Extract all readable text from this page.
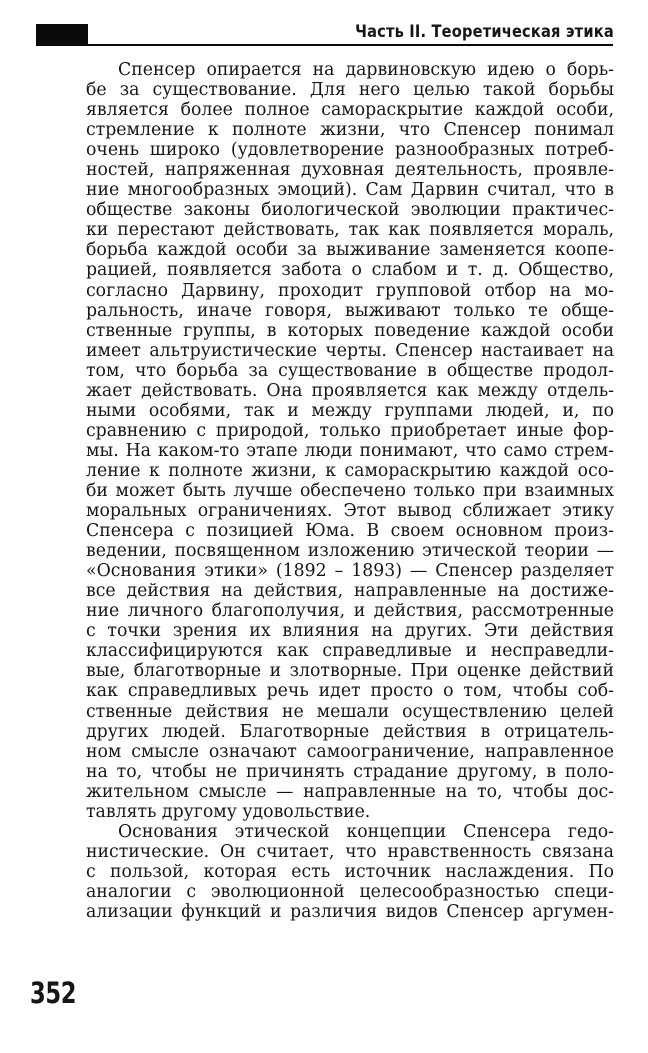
Часть II. Теоретическая этика
Спенсер опирается на дарвиновскую идею о борь-
бе за существование. Для него целью такой борьбы
является более полное самораскрытие каждой особи,
стремление к полноте жизни, что Спенсер понимал
очень широко (удовлетворение разнообразных потреб-
ностей, напряженная духовная деятельность, проявле-
ние многообразных эмоций). Сам Дарвин считал, что в
обществе законы биологической эволюции практичес-
ки перестают действовать, так как появляется мораль,
борьба каждой особи за выживание заменяется коопе-
рацией, появляется забота о слабом и т. д. Общество,
согласно Дарвину, проходит групповой отбор на мо-
ральность, иначе говоря, выживают только те обще-
ственные группы, в которых поведение каждой особи
имеет альтруистические черты. Спенсер настаивает на
том, что борьба за существование в обществе продол-
жает действовать. Она проявляется как между отдель-
ными особями, так и между группами людей, и, по
сравнению с природой, только приобретает иные фор-
мы. На каком-то этапе люди понимают, что само стрем-
ление к полноте жизни, к самораскрытию каждой осо-
би может быть лучше обеспечено только при взаимных
моральных ограничениях. Этот вывод сближает этику
Спенсера с позицией Юма. В своем основном произ-
ведении, посвященном изложению этической теории —
«Основания этики» (1892 – 1893) — Спенсер разделяет
все действия на действия, направленные на достиже-
ние личного благополучия, и действия, рассмотренные
с точки зрения их влияния на других. Эти действия
классифицируются как справедливые и несправедли-
вые, благотворные и злотворные. При оценке действий
как справедливых речь идет просто о том, чтобы соб-
ственные действия не мешали осуществлению целей
других людей. Благотворные действия в отрицатель-
ном смысле означают самоограничение, направленное
на то, чтобы не причинять страдание другому, в поло-
жительном смысле — направленные на то, чтобы дос-
тавлять другому удовольствие.
Основания этической концепции Спенсера гедо-
нистические. Он считает, что нравственность связана
с пользой, которая есть источник наслаждения. По
аналогии с эволюционной целесообразностью специ-
ализации функций и различия видов Спенсер аргумен-
352
